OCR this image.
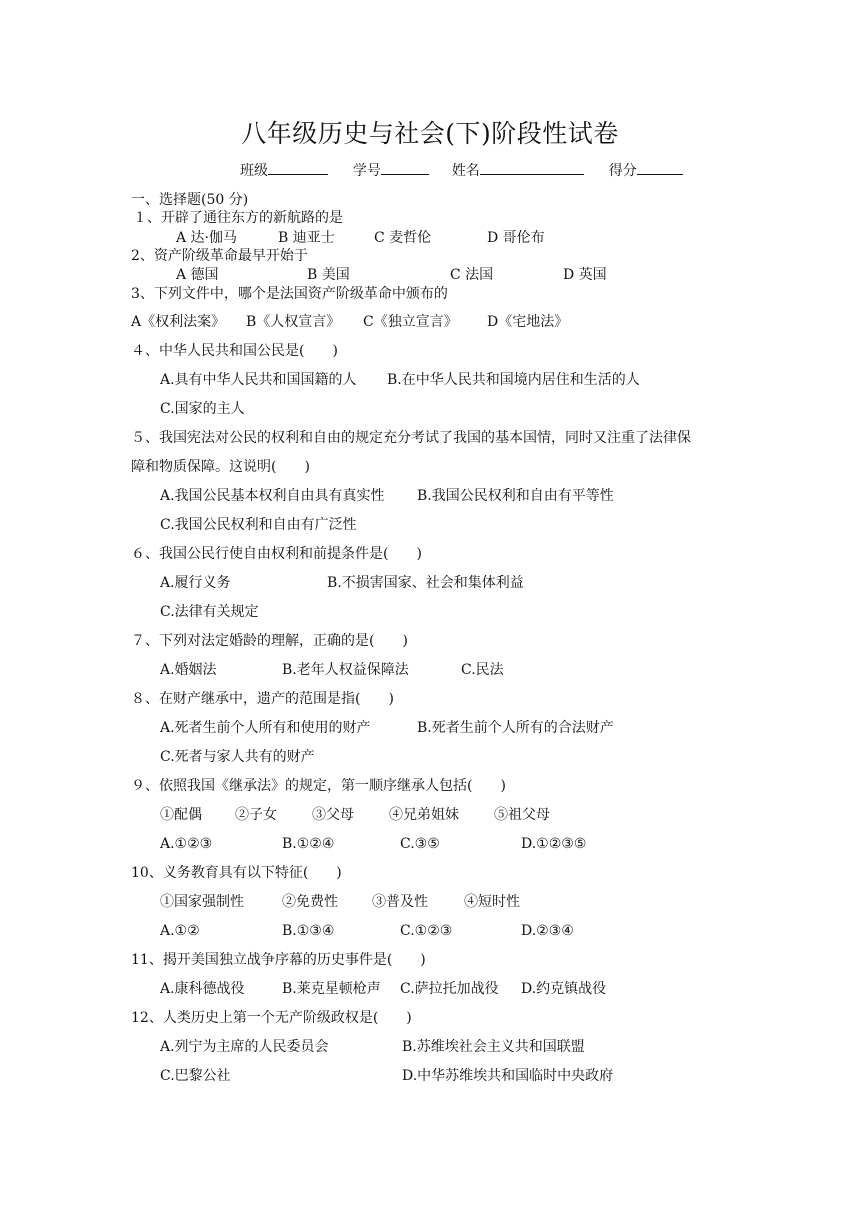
八年级历史与社会(下)阶段性试卷
班级	学号	姓名	得分
一、选择题(50 分)
１、开辟了通往东方的新航路的是
A 达·伽马	B 迪亚士	C 麦哲伦	D 哥伦布
2、资产阶级革命最早开始于
A 德国	B 美国	C 法国	D 英国
3、下列文件中，哪个是法国资产阶级革命中颁布的
A《权利法案》 B《人权宣言》 C《独立宣言》 D《宅地法》
４、中华人民共和国公民是(　　)
A.具有中华人民共和国国籍的人 B.在中华人民共和国境内居住和生活的人
C.国家的主人
５、我国宪法对公民的权利和自由的规定充分考试了我国的基本国情，同时又注重了法律保
障和物质保障。这说明(　　)
A.我国公民基本权利自由具有真实性 B.我国公民权利和自由有平等性
C.我国公民权利和自由有广泛性
６、我国公民行使自由权利和前提条件是(　　)
A.履行义务	B.不损害国家、社会和集体利益
C.法律有关规定
７、下列对法定婚龄的理解，正确的是(　　)
A.婚姻法	B.老年人权益保障法	C.民法
８、在财产继承中，遗产的范围是指(　　)
A.死者生前个人所有和使用的财产	B.死者生前个人所有的合法财产
C.死者与家人共有的财产
９、依照我国《继承法》的规定，第一顺序继承人包括(　　)
①配偶 ②子女	③父母	④兄弟姐妹	⑤祖父母
A.①②③	B.①②④	C.③⑤	D.①②③⑤
10、义务教育具有以下特征(　　)
①国家强制性	②免费性 ③普及性	④短时性
A.①②	B.①③④	C.①②③	D.②③④
11、揭开美国独立战争序幕的历史事件是(　　)
A.康科德战役	B.莱克星顿枪声 C.萨拉托加战役 D.约克镇战役
12、人类历史上第一个无产阶级政权是(　　)
A.列宁为主席的人民委员会	B.苏维埃社会主义共和国联盟
C.巴黎公社	D.中华苏维埃共和国临时中央政府
